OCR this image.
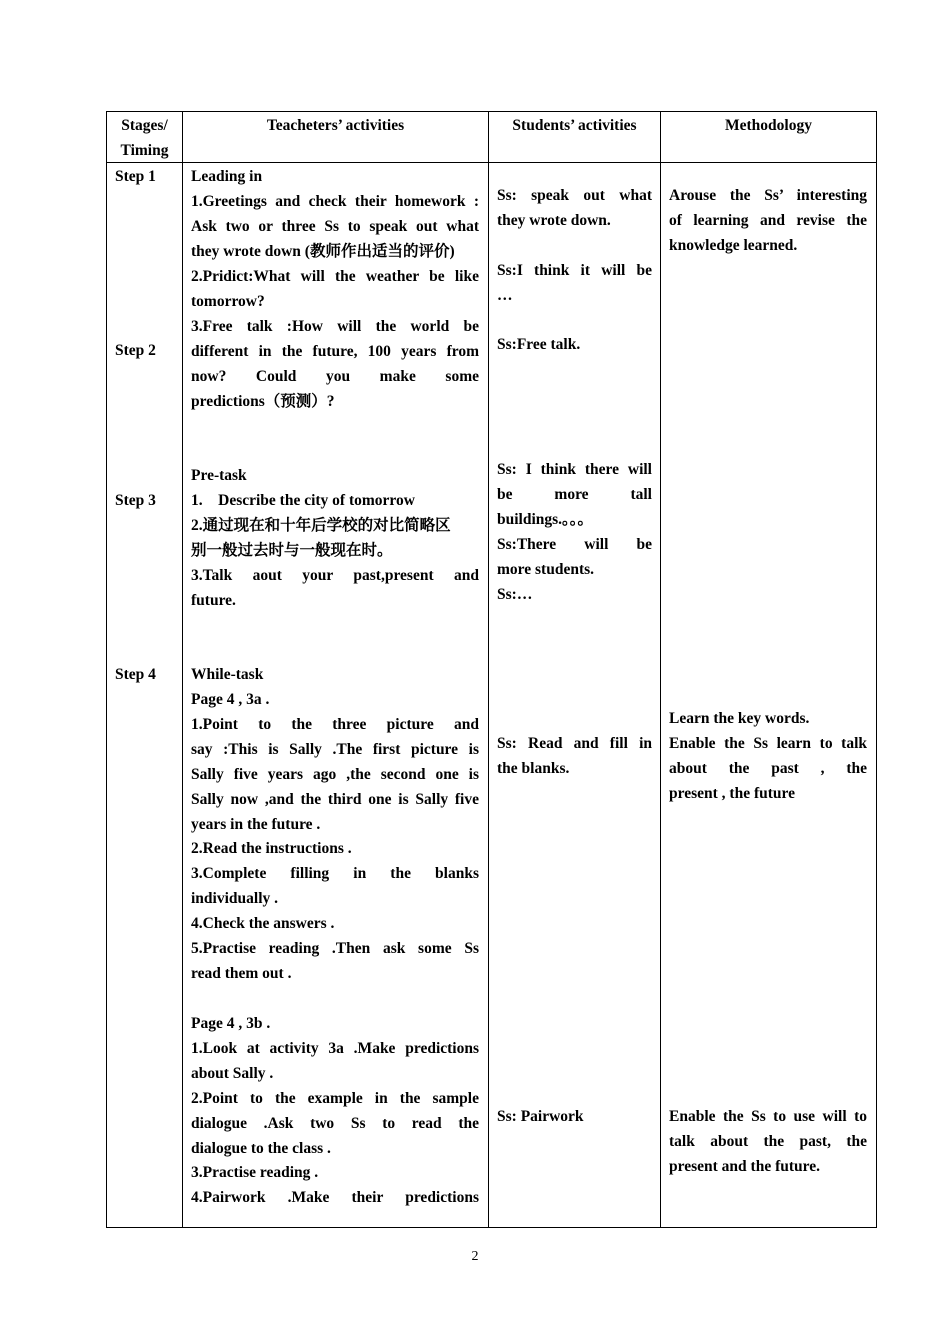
Stages/
Timing
Teacheters’ activities	Students’ activities	Methodology
Step 1
Step 2
Step 3
Step 4
Leading in
1.Greetings and check their homework :
Ask two or three Ss to speak out what
they wrote down (教师作出适当的评价)
2.Pridict:What will the weather be like
tomorrow?
3.Free talk :How will the world be
different in the future, 100 years from
now? Could you make some
predictions（预测）?
Pre-task
1.    Describe the city of tomorrow
2.通过现在和十年后学校的对比简略区
别一般过去时与一般现在时。
3.Talk aout your past,present and
future.
While-task
Page 4 , 3a .
1.Point to the three picture and
say :This is Sally .The first picture is
Sally five years ago ,the second one is
Sally now ,and the third one is Sally five
years in the future .
2.Read the instructions .
3.Complete filling in the blanks
individually .
4.Check the answers .
5.Practise reading .Then ask some Ss
read them out .
Page 4 , 3b .
1.Look at activity 3a .Make predictions
about Sally .
2.Point to the example in the sample
dialogue .Ask two Ss to read the
dialogue to the class .
3.Practise reading .
4.Pairwork .Make their predictions
Ss: speak out what
they wrote down.
Ss:I think it will be
…
Ss:Free talk.
Ss: I think there will
be more tall
buildings.。。。
Ss:There will be
more students.
Ss:…
Ss: Read and fill in
the blanks.
Ss: Pairwork
Arouse the Ss’ interesting
of learning and revise the
knowledge learned.
Learn the key words.
Enable the Ss learn to talk
about the past , the
present , the future
Enable the Ss to use will to
talk about the past, the
present and the future.
2
